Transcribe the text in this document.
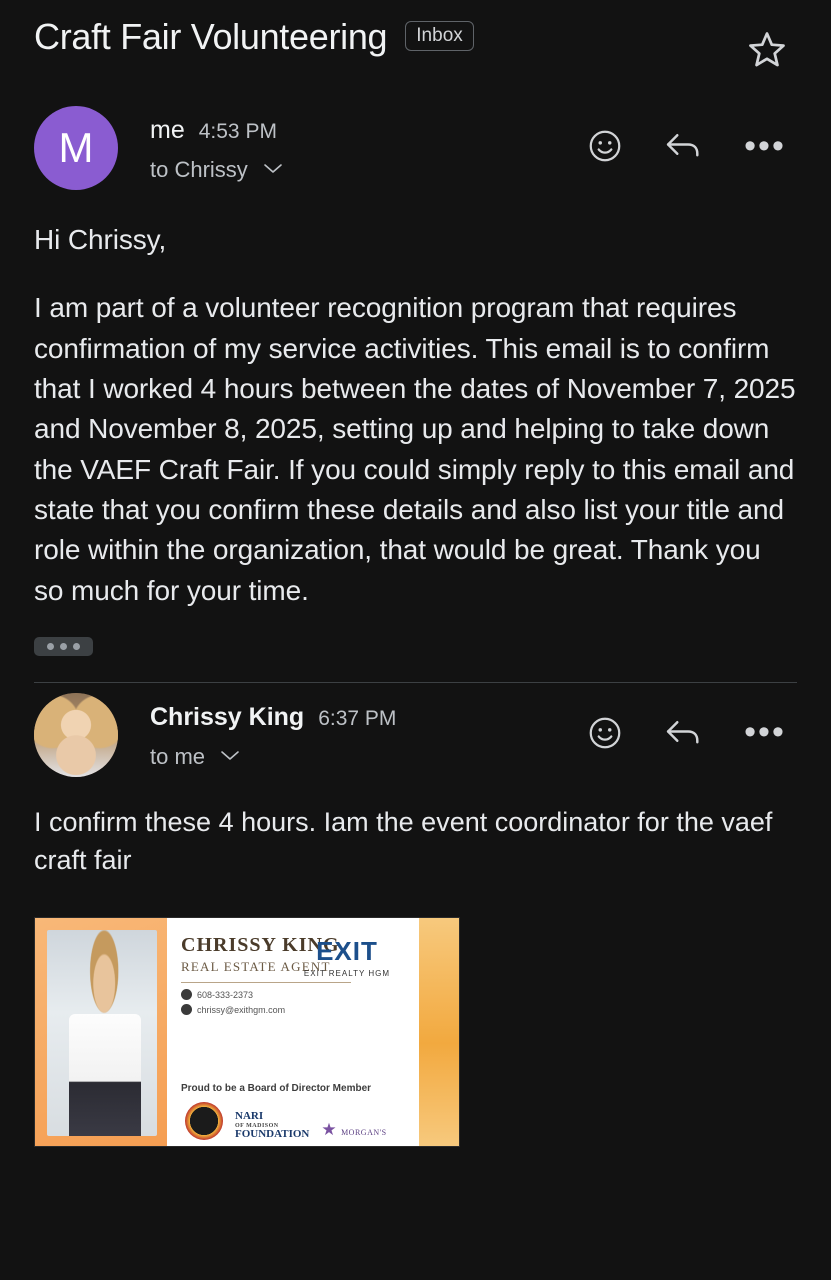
Craft Fair Volunteering Inbox
M me 4:53 PM
to Chrissy
•••

Hi Chrissy,

I am part of a volunteer recognition program that requires confirmation of my service activities. This email is to confirm that I worked 4 hours between the dates of November 7, 2025 and November 8, 2025, setting up and helping to take down the VAEF Craft Fair. If you could simply reply to this email and state that you confirm these details and also list your title and role within the organization, that would be great. Thank you so much for your time.

Chrissy King 6:37 PM
to me
•••

I confirm these 4 hours. Iam the event coordinator for the vaef craft fair

CHRISSY KING
REAL ESTATE AGENT
608-333-2373
chrissy@exithgm.com
EXIT
EXIT REALTY HGM
Proud to be a Board of Director Member
NARI
OF MADISON
FOUNDATION ★ MORGAN'S
